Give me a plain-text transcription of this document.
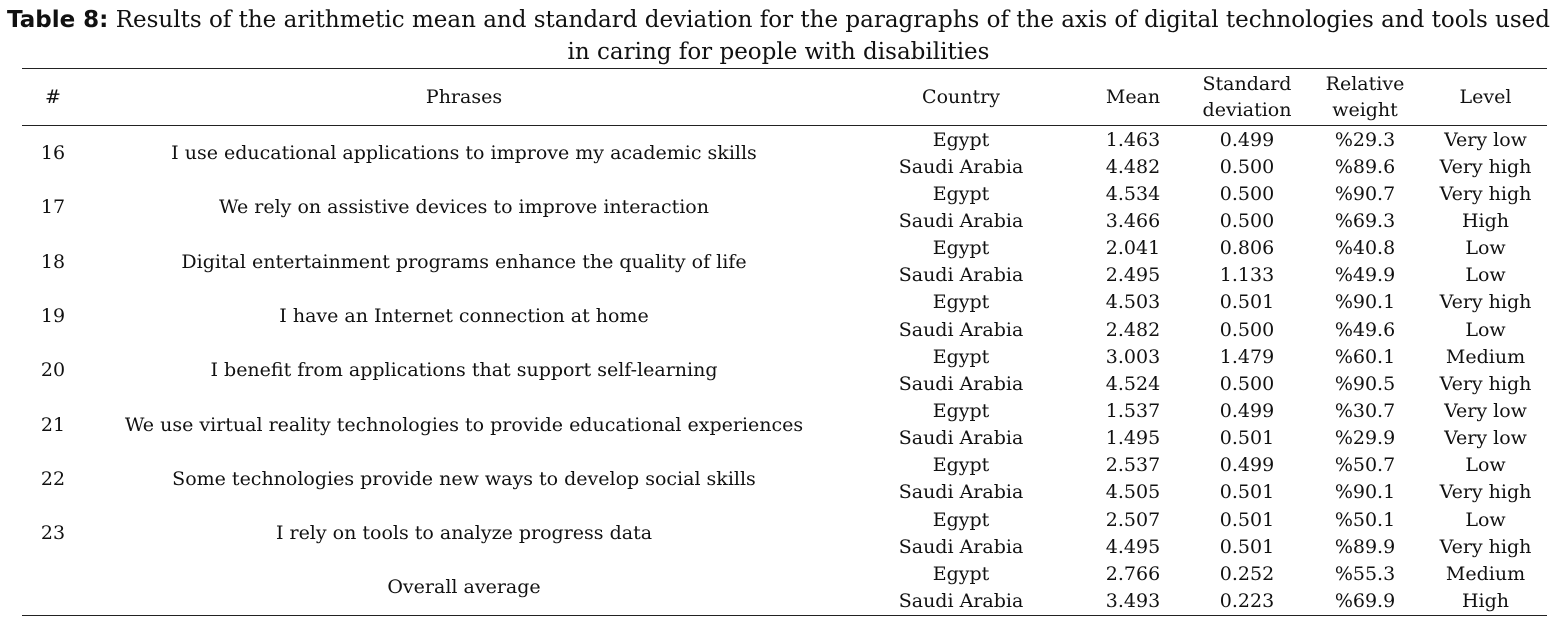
Table 8: Results of the arithmetic mean and standard deviation for the paragraphs of the axis of digital technologies and tools used in caring for people with disabilities
#	Phrases	Country	Mean	Standard deviation	Relative weight	Level
16	I use educational applications to improve my academic skills	Egypt	1.463	0.499	%29.3	Very low
		Saudi Arabia	4.482	0.500	%89.6	Very high
17	We rely on assistive devices to improve interaction	Egypt	4.534	0.500	%90.7	Very high
		Saudi Arabia	3.466	0.500	%69.3	High
18	Digital entertainment programs enhance the quality of life	Egypt	2.041	0.806	%40.8	Low
		Saudi Arabia	2.495	1.133	%49.9	Low
19	I have an Internet connection at home	Egypt	4.503	0.501	%90.1	Very high
		Saudi Arabia	2.482	0.500	%49.6	Low
20	I benefit from applications that support self-learning	Egypt	3.003	1.479	%60.1	Medium
		Saudi Arabia	4.524	0.500	%90.5	Very high
21	We use virtual reality technologies to provide educational experiences	Egypt	1.537	0.499	%30.7	Very low
		Saudi Arabia	1.495	0.501	%29.9	Very low
22	Some technologies provide new ways to develop social skills	Egypt	2.537	0.499	%50.7	Low
		Saudi Arabia	4.505	0.501	%90.1	Very high
23	I rely on tools to analyze progress data	Egypt	2.507	0.501	%50.1	Low
		Saudi Arabia	4.495	0.501	%89.9	Very high
	Overall average	Egypt	2.766	0.252	%55.3	Medium
		Saudi Arabia	3.493	0.223	%69.9	High
